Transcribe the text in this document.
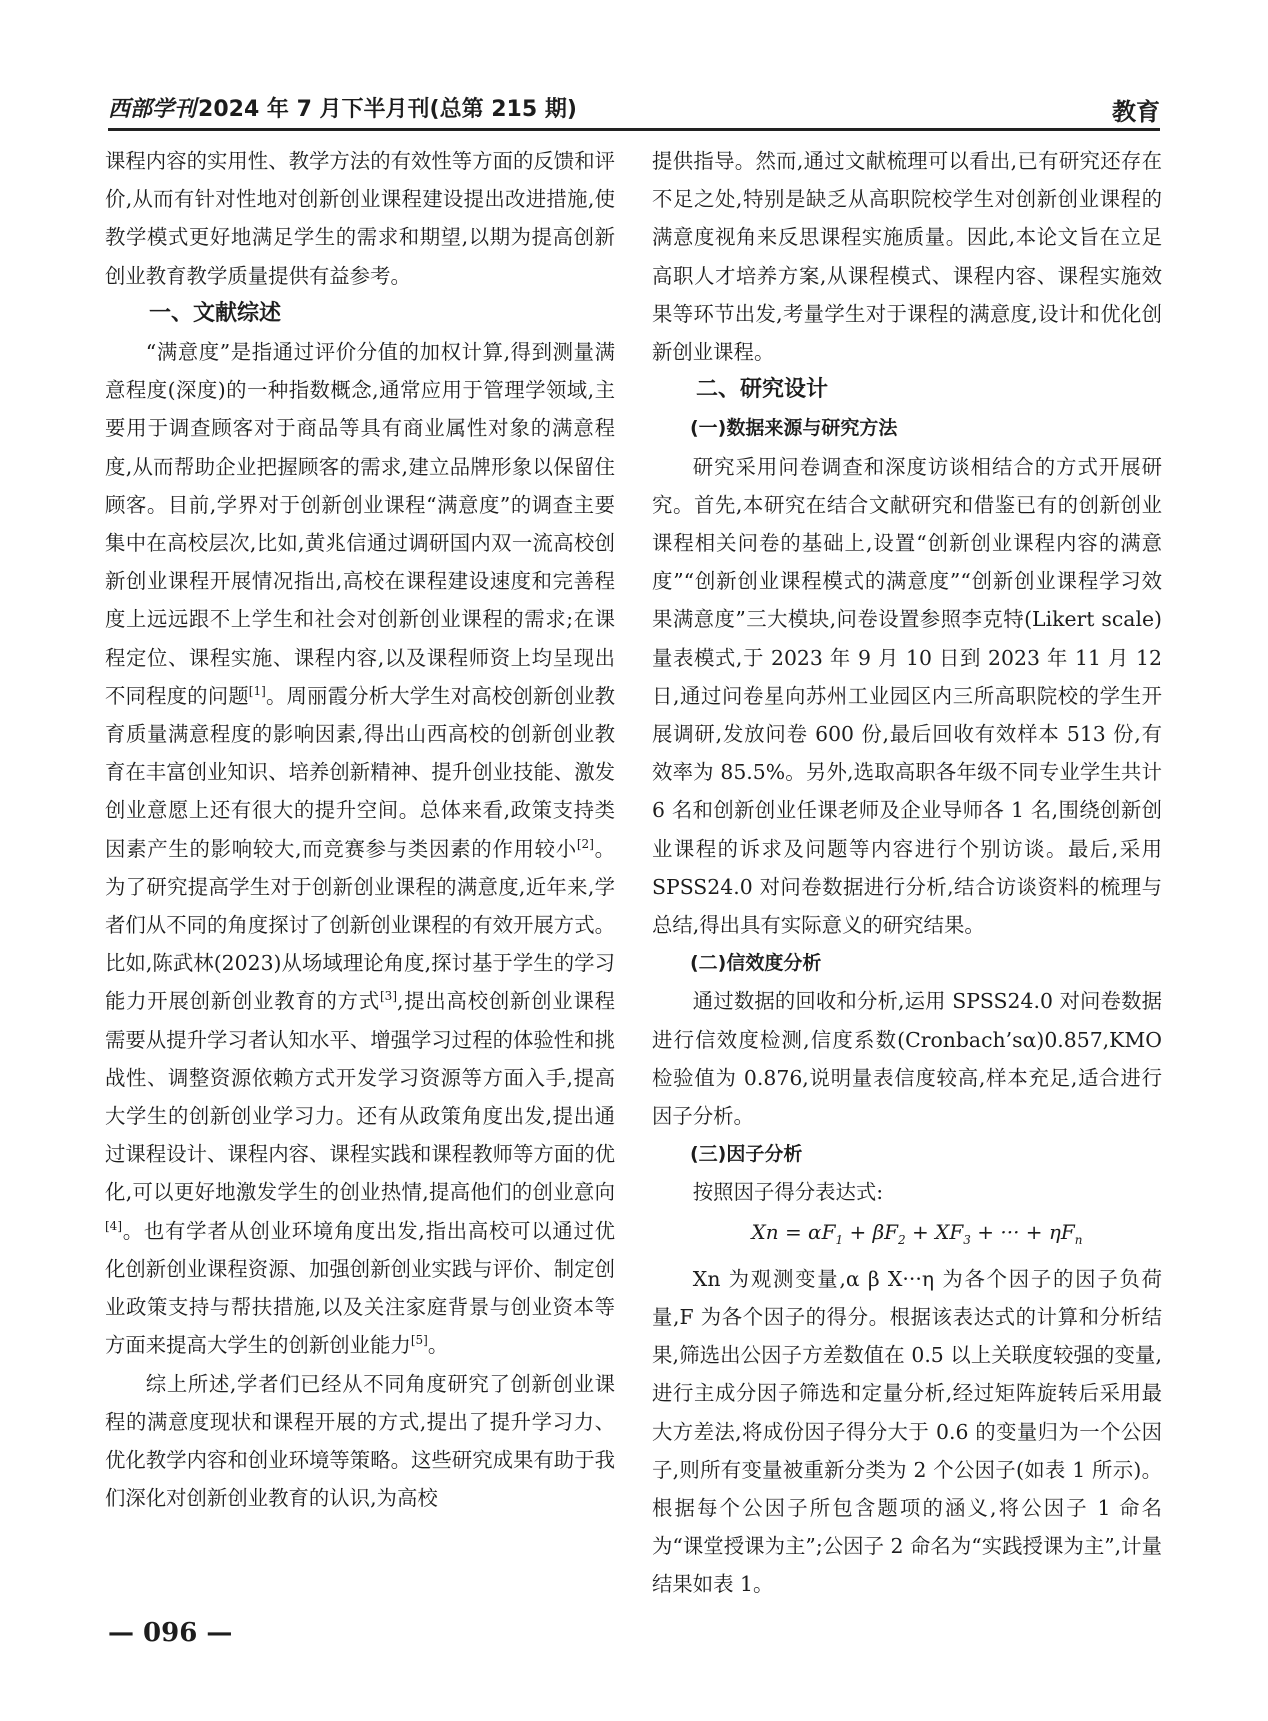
西部学刊2024 年 7 月下半月刊(总第 215 期)	教育

课程内容的实用性、教学方法的有效性等方面的反馈和评价,从而有针对性地对创新创业课程建设提出改进措施,使教学模式更好地满足学生的需求和期望,以期为提高创新创业教育教学质量提供有益参考。

一、文献综述

“满意度”是指通过评价分值的加权计算,得到测量满意程度(深度)的一种指数概念,通常应用于管理学领域,主要用于调查顾客对于商品等具有商业属性对象的满意程度,从而帮助企业把握顾客的需求,建立品牌形象以保留住顾客。目前,学界对于创新创业课程“满意度”的调查主要集中在高校层次,比如,黄兆信通过调研国内双一流高校创新创业课程开展情况指出,高校在课程建设速度和完善程度上远远跟不上学生和社会对创新创业课程的需求;在课程定位、课程实施、课程内容,以及课程师资上均呈现出不同程度的问题[1]。周丽霞分析大学生对高校创新创业教育质量满意程度的影响因素,得出山西高校的创新创业教育在丰富创业知识、培养创新精神、提升创业技能、激发创业意愿上还有很大的提升空间。总体来看,政策支持类因素产生的影响较大,而竞赛参与类因素的作用较小[2]。为了研究提高学生对于创新创业课程的满意度,近年来,学者们从不同的角度探讨了创新创业课程的有效开展方式。比如,陈武林(2023)从场域理论角度,探讨基于学生的学习能力开展创新创业教育的方式[3],提出高校创新创业课程需要从提升学习者认知水平、增强学习过程的体验性和挑战性、调整资源依赖方式开发学习资源等方面入手,提高大学生的创新创业学习力。还有从政策角度出发,提出通过课程设计、课程内容、课程实践和课程教师等方面的优化,可以更好地激发学生的创业热情,提高他们的创业意向[4]。也有学者从创业环境角度出发,指出高校可以通过优化创新创业课程资源、加强创新创业实践与评价、制定创业政策支持与帮扶措施,以及关注家庭背景与创业资本等方面来提高大学生的创新创业能力[5]。

综上所述,学者们已经从不同角度研究了创新创业课程的满意度现状和课程开展的方式,提出了提升学习力、优化教学内容和创业环境等策略。这些研究成果有助于我们深化对创新创业教育的认识,为高校

提供指导。然而,通过文献梳理可以看出,已有研究还存在不足之处,特别是缺乏从高职院校学生对创新创业课程的满意度视角来反思课程实施质量。因此,本论文旨在立足高职人才培养方案,从课程模式、课程内容、课程实施效果等环节出发,考量学生对于课程的满意度,设计和优化创新创业课程。

二、研究设计
(一)数据来源与研究方法

研究采用问卷调查和深度访谈相结合的方式开展研究。首先,本研究在结合文献研究和借鉴已有的创新创业课程相关问卷的基础上,设置“创新创业课程内容的满意度”“创新创业课程模式的满意度”“创新创业课程学习效果满意度”三大模块,问卷设置参照李克特(Likert scale)量表模式,于 2023 年 9 月 10 日到 2023 年 11 月 12 日,通过问卷星向苏州工业园区内三所高职院校的学生开展调研,发放问卷 600 份,最后回收有效样本 513 份,有效率为 85.5%。另外,选取高职各年级不同专业学生共计 6 名和创新创业任课老师及企业导师各 1 名,围绕创新创业课程的诉求及问题等内容进行个别访谈。最后,采用 SPSS24.0 对问卷数据进行分析,结合访谈资料的梳理与总结,得出具有实际意义的研究结果。

(二)信效度分析

通过数据的回收和分析,运用 SPSS24.0 对问卷数据进行信效度检测,信度系数(Cronbach’sα)0.857,KMO 检验值为 0.876,说明量表信度较高,样本充足,适合进行因子分析。

(三)因子分析

按照因子得分表达式:

$Xn = \alpha F_1 + \beta F_2 + XF_3$ + ··· + $\eta F_n$

Xn 为观测变量,α β X···η 为各个因子的因子负荷量,F 为各个因子的得分。根据该表达式的计算和分析结果,筛选出公因子方差数值在 0.5 以上关联度较强的变量,进行主成分因子筛选和定量分析,经过矩阵旋转后采用最大方差法,将成份因子得分大于 0.6 的变量归为一个公因子,则所有变量被重新分类为 2 个公因子(如表 1 所示)。根据每个公因子所包含题项的涵义,将公因子 1 命名为“课堂授课为主”;公因子 2 命名为“实践授课为主”,计量结果如表 1。

— 096 —
